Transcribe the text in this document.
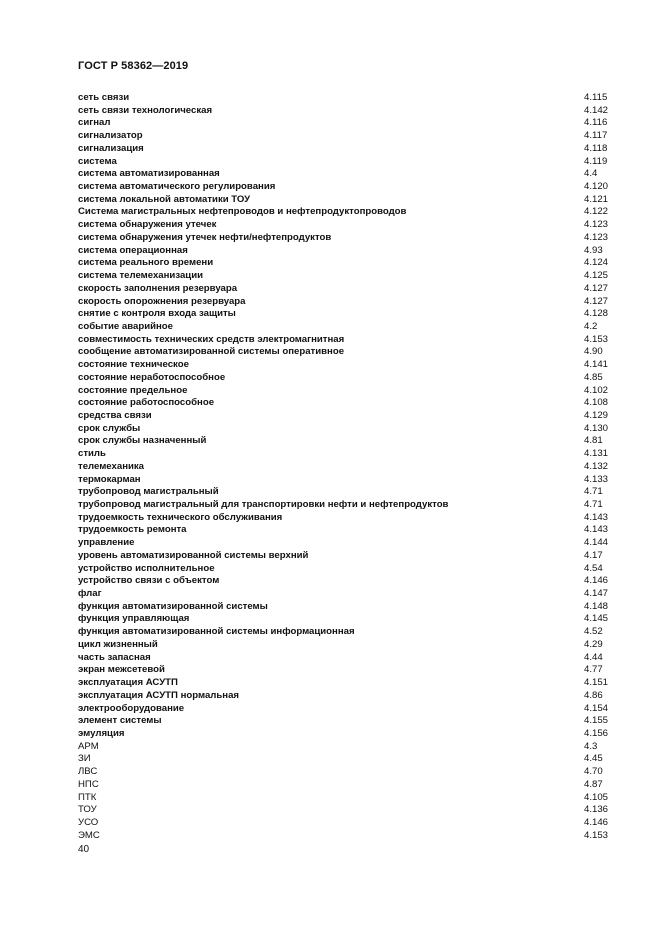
ГОСТ Р 58362—2019
сеть связи	4.115
сеть связи технологическая	4.142
сигнал	4.116
сигнализатор	4.117
сигнализация	4.118
система	4.119
система автоматизированная	4.4
система автоматического регулирования	4.120
система локальной автоматики ТОУ	4.121
Система магистральных нефтепроводов и нефтепродуктопроводов	4.122
система обнаружения утечек	4.123
система обнаружения утечек нефти/нефтепродуктов	4.123
система операционная	4.93
система реального времени	4.124
система телемеханизации	4.125
скорость заполнения резервуара	4.127
скорость опорожнения резервуара	4.127
снятие с контроля входа защиты	4.128
событие аварийное	4.2
совместимость технических средств электромагнитная	4.153
сообщение автоматизированной системы оперативное	4.90
состояние техническое	4.141
состояние неработоспособное	4.85
состояние предельное	4.102
состояние работоспособное	4.108
средства связи	4.129
срок службы	4.130
срок службы назначенный	4.81
стиль	4.131
телемеханика	4.132
термокарман	4.133
трубопровод магистральный	4.71
трубопровод магистральный для транспортировки нефти и нефтепродуктов	4.71
трудоемкость технического обслуживания	4.143
трудоемкость ремонта	4.143
управление	4.144
уровень автоматизированной системы верхний	4.17
устройство исполнительное	4.54
устройство связи с объектом	4.146
флаг	4.147
функция автоматизированной системы	4.148
функция управляющая	4.145
функция автоматизированной системы информационная	4.52
цикл жизненный	4.29
часть запасная	4.44
экран межсетевой	4.77
эксплуатация АСУТП	4.151
эксплуатация АСУТП нормальная	4.86
электрооборудование	4.154
элемент системы	4.155
эмуляция	4.156
АРМ	4.3
ЗИ	4.45
ЛВС	4.70
НПС	4.87
ПТК	4.105
ТОУ	4.136
УСО	4.146
ЭМС	4.153
40
